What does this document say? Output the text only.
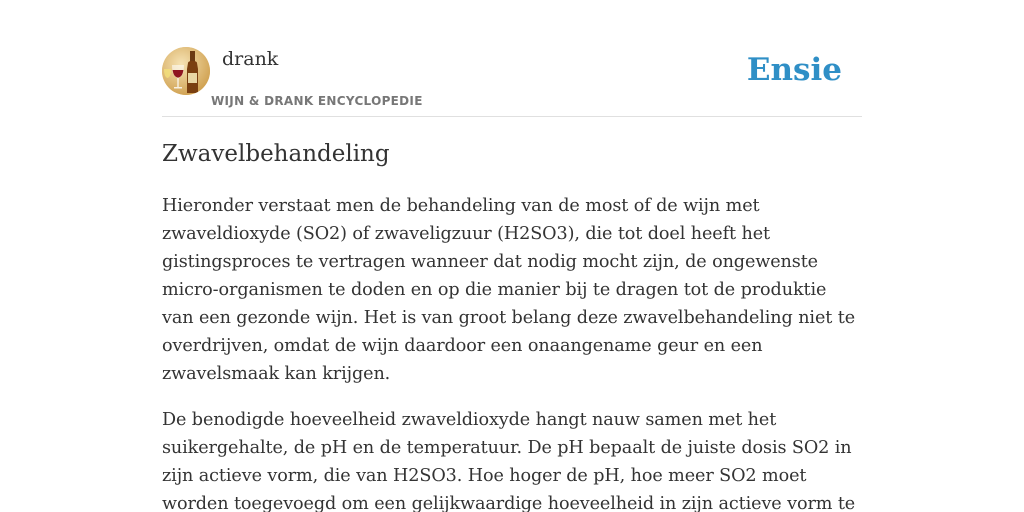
drank
WIJN & DRANK ENCYCLOPEDIE
Ensie
Zwavelbehandeling

Hieronder verstaat men de behandeling van de most of de wijn met zwaveldioxyde (SO2) of zwaveligzuur (H2SO3), die tot doel heeft het gistingsproces te vertragen wanneer dat nodig mocht zijn, de ongewenste micro-organismen te doden en op die manier bij te dragen tot de produktie van een gezonde wijn. Het is van groot belang deze zwavelbehandeling niet te overdrijven, omdat de wijn daardoor een onaangename geur en een zwavelsmaak kan krijgen.

De benodigde hoeveelheid zwaveldioxyde hangt nauw samen met het suikergehalte, de pH en de temperatuur. De pH bepaalt de juiste dosis SO2 in zijn actieve vorm, die van H2SO3. Hoe hoger de pH, hoe meer SO2 moet worden toegevoegd om een gelijkwaardige hoeveelheid in zijn actieve vorm te
